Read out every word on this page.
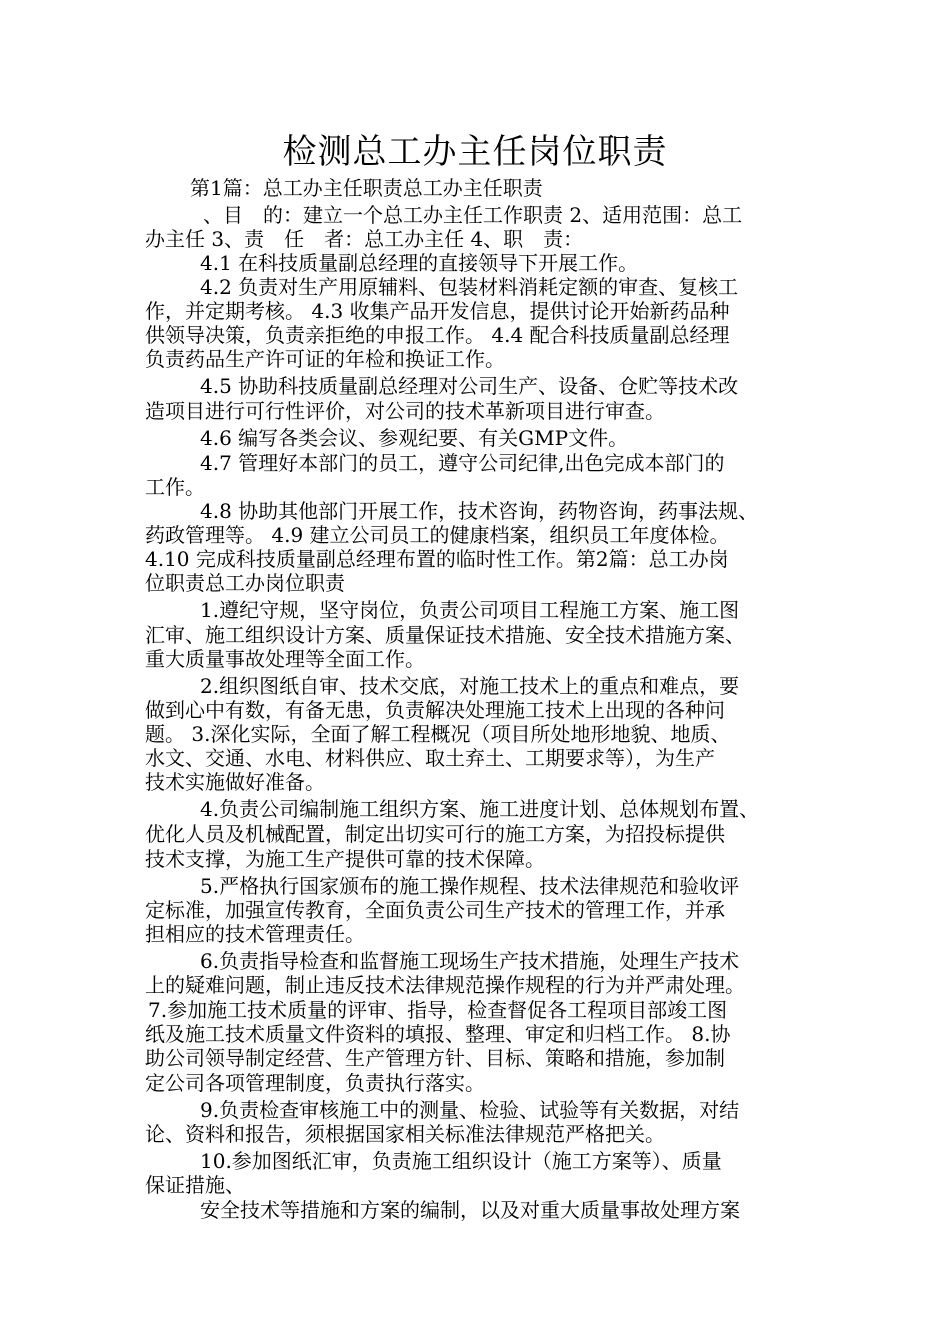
检测总工办主任岗位职责
第1篇：总工办主任职责总工办主任职责
、目　的：建立一个总工办主任工作职责 2、适用范围：总工
办主任 3、责　任　者：总工办主任 4、职　责：
4.1 在科技质量副总经理的直接领导下开展工作。
4.2 负责对生产用原辅料、包装材料消耗定额的审查、复核工
作，并定期考核。 4.3 收集产品开发信息，提供讨论开始新药品种
供领导决策，负责亲拒绝的申报工作。 4.4 配合科技质量副总经理
负责药品生产许可证的年检和换证工作。
4.5 协助科技质量副总经理对公司生产、设备、仓贮等技术改
造项目进行可行性评价，对公司的技术革新项目进行审查。
4.6 编写各类会议、参观纪要、有关GMP文件。
4.7 管理好本部门的员工，遵守公司纪律,出色完成本部门的
工作。
4.8 协助其他部门开展工作，技术咨询，药物咨询，药事法规、
药政管理等。 4.9 建立公司员工的健康档案，组织员工年度体检。
4.10 完成科技质量副总经理布置的临时性工作。第2篇：总工办岗
位职责总工办岗位职责
1.遵纪守规，坚守岗位，负责公司项目工程施工方案、施工图
汇审、施工组织设计方案、质量保证技术措施、安全技术措施方案、
重大质量事故处理等全面工作。
2.组织图纸自审、技术交底，对施工技术上的重点和难点，要
做到心中有数，有备无患，负责解决处理施工技术上出现的各种问
题。 3.深化实际，全面了解工程概况（项目所处地形地貌、地质、
水文、交通、水电、材料供应、取土弃土、工期要求等），为生产
技术实施做好准备。
4.负责公司编制施工组织方案、施工进度计划、总体规划布置、
优化人员及机械配置，制定出切实可行的施工方案，为招投标提供
技术支撑，为施工生产提供可靠的技术保障。
5.严格执行国家颁布的施工操作规程、技术法律规范和验收评
定标准，加强宣传教育，全面负责公司生产技术的管理工作，并承
担相应的技术管理责任。
6.负责指导检查和监督施工现场生产技术措施，处理生产技术
上的疑难问题，制止违反技术法律规范操作规程的行为并严肃处理。
7.参加施工技术质量的评审、指导，检查督促各工程项目部竣工图
纸及施工技术质量文件资料的填报、整理、审定和归档工作。 8.协
助公司领导制定经营、生产管理方针、目标、策略和措施，参加制
定公司各项管理制度，负责执行落实。
9.负责检查审核施工中的测量、检验、试验等有关数据，对结
论、资料和报告，须根据国家相关标准法律规范严格把关。
10.参加图纸汇审，负责施工组织设计（施工方案等）、质量
保证措施、
安全技术等措施和方案的编制，以及对重大质量事故处理方案
